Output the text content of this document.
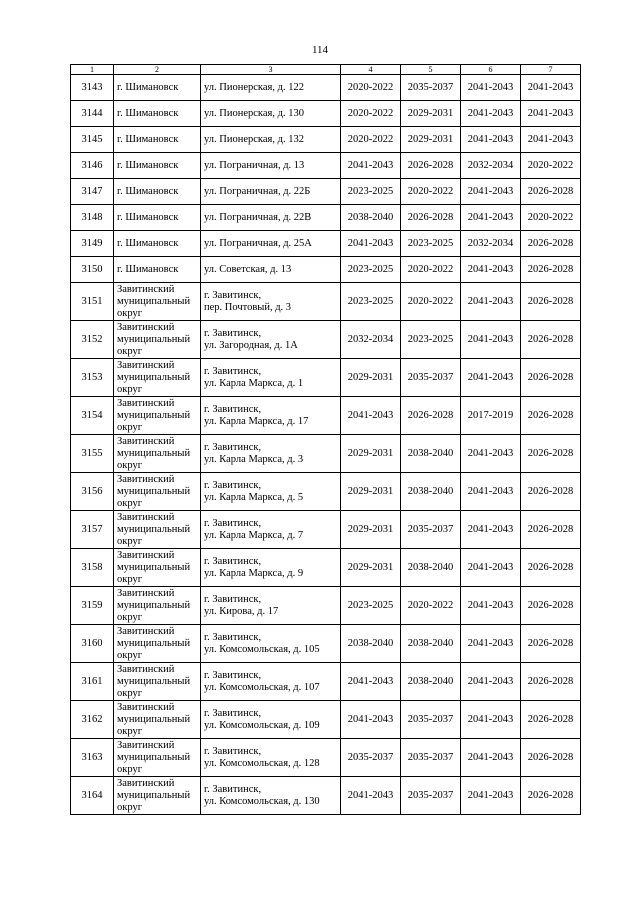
114
1	2	3	4	5	6	7
3143	г. Шимановск	ул. Пионерская, д. 122	2020-2022	2035-2037	2041-2043	2041-2043
3144	г. Шимановск	ул. Пионерская, д. 130	2020-2022	2029-2031	2041-2043	2041-2043
3145	г. Шимановск	ул. Пионерская, д. 132	2020-2022	2029-2031	2041-2043	2041-2043
3146	г. Шимановск	ул. Пограничная, д. 13	2041-2043	2026-2028	2032-2034	2020-2022
3147	г. Шимановск	ул. Пограничная, д. 22Б	2023-2025	2020-2022	2041-2043	2026-2028
3148	г. Шимановск	ул. Пограничная, д. 22В	2038-2040	2026-2028	2041-2043	2020-2022
3149	г. Шимановск	ул. Пограничная, д. 25А	2041-2043	2023-2025	2032-2034	2026-2028
3150	г. Шимановск	ул. Советская, д. 13	2023-2025	2020-2022	2041-2043	2026-2028
3151	Завитинский
муниципальный
округ	г. Завитинск,
пер. Почтовый, д. 3	2023-2025	2020-2022	2041-2043	2026-2028
3152	Завитинский
муниципальный
округ	г. Завитинск,
ул. Загородная, д. 1А	2032-2034	2023-2025	2041-2043	2026-2028
3153	Завитинский
муниципальный
округ	г. Завитинск,
ул. Карла Маркса, д. 1	2029-2031	2035-2037	2041-2043	2026-2028
3154	Завитинский
муниципальный
округ	г. Завитинск,
ул. Карла Маркса, д. 17	2041-2043	2026-2028	2017-2019	2026-2028
3155	Завитинский
муниципальный
округ	г. Завитинск,
ул. Карла Маркса, д. 3	2029-2031	2038-2040	2041-2043	2026-2028
3156	Завитинский
муниципальный
округ	г. Завитинск,
ул. Карла Маркса, д. 5	2029-2031	2038-2040	2041-2043	2026-2028
3157	Завитинский
муниципальный
округ	г. Завитинск,
ул. Карла Маркса, д. 7	2029-2031	2035-2037	2041-2043	2026-2028
3158	Завитинский
муниципальный
округ	г. Завитинск,
ул. Карла Маркса, д. 9	2029-2031	2038-2040	2041-2043	2026-2028
3159	Завитинский
муниципальный
округ	г. Завитинск,
ул. Кирова, д. 17	2023-2025	2020-2022	2041-2043	2026-2028
3160	Завитинский
муниципальный
округ	г. Завитинск,
ул. Комсомольская, д. 105	2038-2040	2038-2040	2041-2043	2026-2028
3161	Завитинский
муниципальный
округ	г. Завитинск,
ул. Комсомольская, д. 107	2041-2043	2038-2040	2041-2043	2026-2028
3162	Завитинский
муниципальный
округ	г. Завитинск,
ул. Комсомольская, д. 109	2041-2043	2035-2037	2041-2043	2026-2028
3163	Завитинский
муниципальный
округ	г. Завитинск,
ул. Комсомольская, д. 128	2035-2037	2035-2037	2041-2043	2026-2028
3164	Завитинский
муниципальный
округ	г. Завитинск,
ул. Комсомольская, д. 130	2041-2043	2035-2037	2041-2043	2026-2028
